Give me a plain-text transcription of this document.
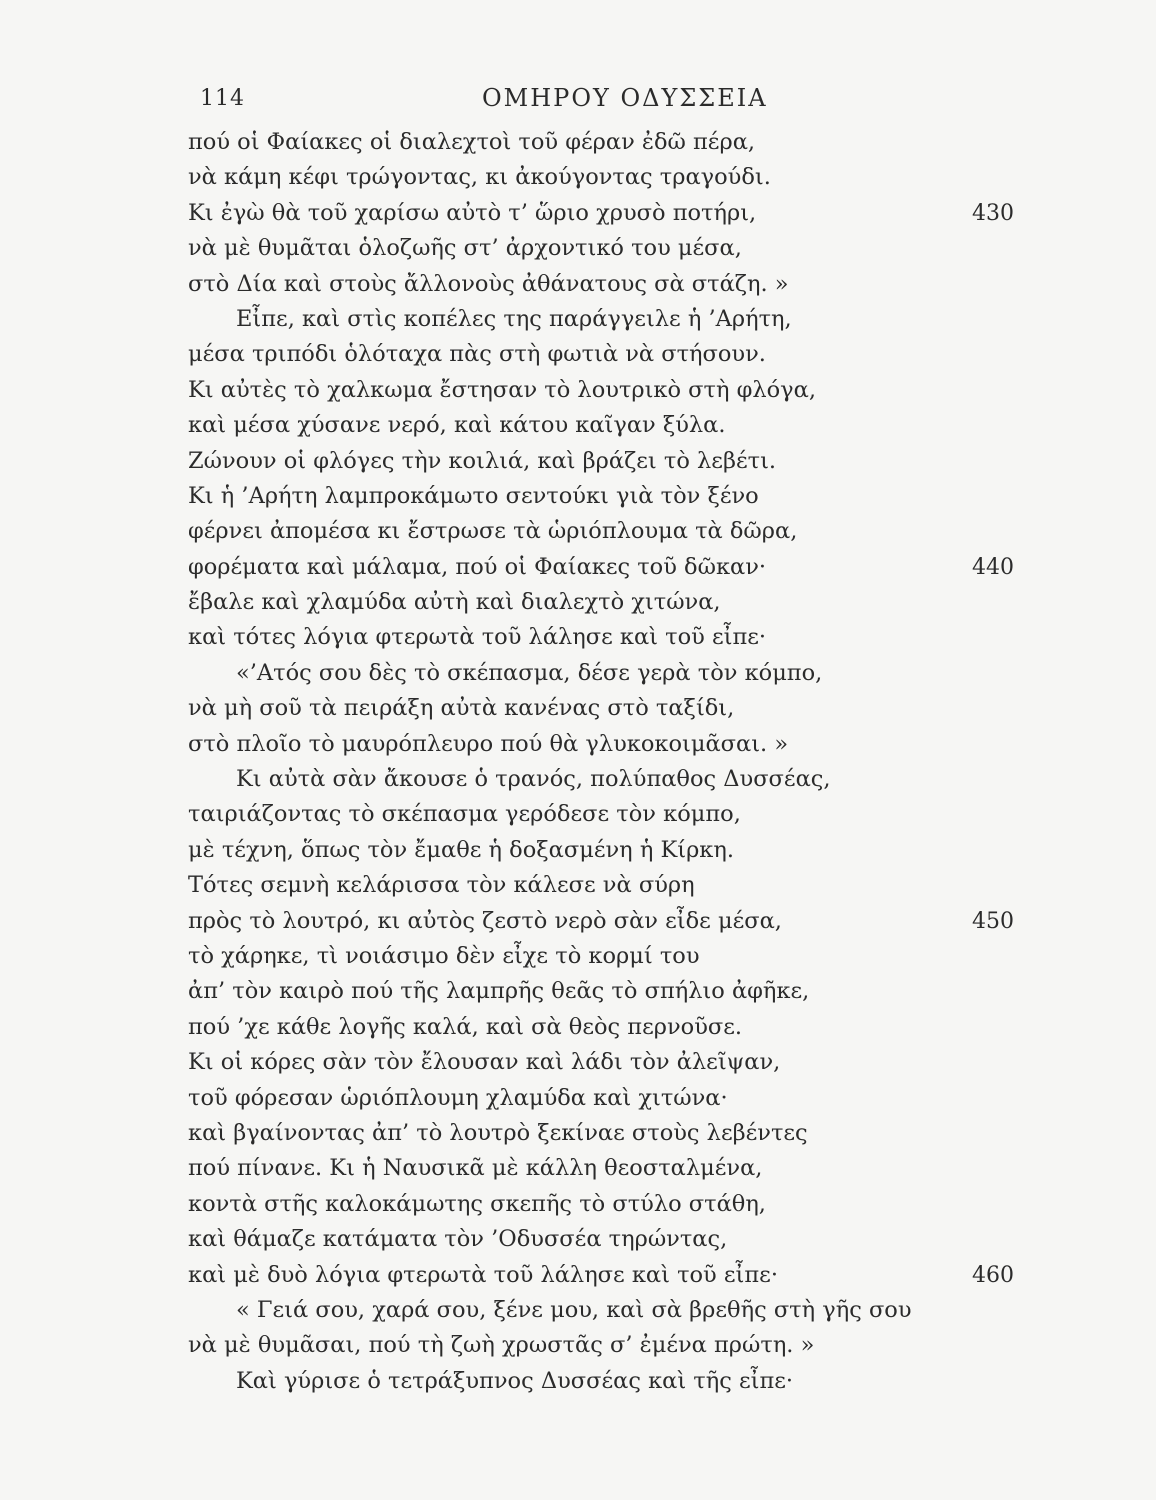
114	ΟΜΗΡΟΥ ΟΔΥΣΣΕΙΑ
πού οἱ Φαίακες οἱ διαλεχτοὶ τοῦ φέραν ἐδῶ πέρα,
νὰ κάμη κέφι τρώγοντας, κι ἀκούγοντας τραγούδι.
Κι ἐγὼ θὰ τοῦ χαρίσω αὐτὸ τ’ ὥριο χρυσὸ ποτήρι,	430
νὰ μὲ θυμᾶται ὁλοζωῆς στ’ ἀρχοντικό του μέσα,
στὸ Δία καὶ στοὺς ἄλλονοὺς ἀθάνατους σὰ στάζη. »
Εἶπε, καὶ στὶς κοπέλες της παράγγειλε ἡ ’Αρήτη,
μέσα τριπόδι ὁλόταχα πὰς στὴ φωτιὰ νὰ στήσουν.
Κι αὐτὲς τὸ χαλκωμα ἔστησαν τὸ λουτρικὸ στὴ φλόγα,
καὶ μέσα χύσανε νερό, καὶ κάτου καῖγαν ξύλα.
Ζώνουν οἱ φλόγες τὴν κοιλιά, καὶ βράζει τὸ λεβέτι.
Κι ἡ ’Αρήτη λαμπροκάμωτο σεντούκι γιὰ τὸν ξένο
φέρνει ἀπομέσα κι ἔστρωσε τὰ ὡριόπλουμα τὰ δῶρα,
φορέματα καὶ μάλαμα, πού οἱ Φαίακες τοῦ δῶκαν·	440
ἔβαλε καὶ χλαμύδα αὐτὴ καὶ διαλεχτὸ χιτώνα,
καὶ τότες λόγια φτερωτὰ τοῦ λάλησε καὶ τοῦ εἶπε·
«’Ατός σου δὲς τὸ σκέπασμα, δέσε γερὰ τὸν κόμπο,
νὰ μὴ σοῦ τὰ πειράξη αὐτὰ κανένας στὸ ταξίδι,
στὸ πλοῖο τὸ μαυρόπλευρο πού θὰ γλυκοκοιμᾶσαι. »
Κι αὐτὰ σὰν ἄκουσε ὁ τρανός, πολύπαθος Δυσσέας,
ταιριάζοντας τὸ σκέπασμα γερόδεσε τὸν κόμπο,
μὲ τέχνη, ὅπως τὸν ἔμαθε ἡ δοξασμένη ἡ Κίρκη.
Τότες σεμνὴ κελάρισσα τὸν κάλεσε νὰ σύρη
πρὸς τὸ λουτρό, κι αὐτὸς ζεστὸ νερὸ σὰν εἶδε μέσα,	450
τὸ χάρηκε, τὶ νοιάσιμο δὲν εἶχε τὸ κορμί του
ἀπ’ τὸν καιρὸ πού τῆς λαμπρῆς θεᾶς τὸ σπήλιο ἀφῆκε,
πού ’χε κάθε λογῆς καλά, καὶ σὰ θεὸς περνοῦσε.
Κι οἱ κόρες σὰν τὸν ἔλουσαν καὶ λάδι τὸν ἀλεῖψαν,
τοῦ φόρεσαν ὡριόπλουμη χλαμύδα καὶ χιτώνα·
καὶ βγαίνοντας ἀπ’ τὸ λουτρὸ ξεκίναε στοὺς λεβέντες
πού πίνανε. Κι ἡ Ναυσικᾶ μὲ κάλλη θεοσταλμένα,
κοντὰ στῆς καλοκάμωτης σκεπῆς τὸ στύλο στάθη,
καὶ θάμαζε κατάματα τὸν ’Οδυσσέα τηρώντας,
καὶ μὲ δυὸ λόγια φτερωτὰ τοῦ λάλησε καὶ τοῦ εἶπε·	460
« Γειά σου, χαρά σου, ξένε μου, καὶ σὰ βρεθῆς στὴ γῆς σου
νὰ μὲ θυμᾶσαι, πού τὴ ζωὴ χρωστᾶς σ’ ἐμένα πρώτη. »
Καὶ γύρισε ὁ τετράξυπνος Δυσσέας καὶ τῆς εἶπε·
